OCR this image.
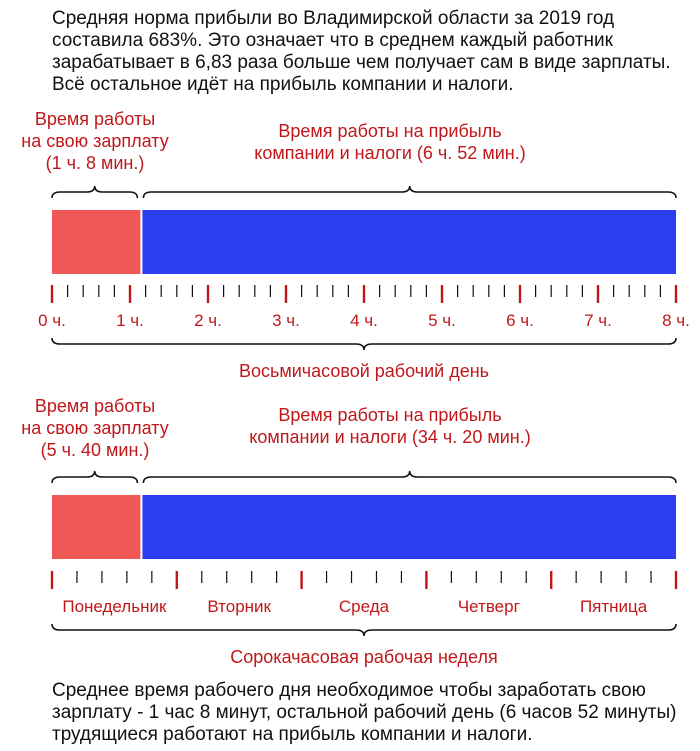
Средняя норма прибыли во Владимирской области за 2019 год составила 683%. Это означает что в среднем каждый работник зарабатывает в 6,83 раза больше чем получает сам в виде зарплаты. Всё остальное идёт на прибыль компании и налоги.
Время работы
на свою зарплату
(1 ч. 8 мин.)
Время работы на прибыль
компании и налоги (6 ч. 52 мин.)
Время работы
на свою зарплату
(5 ч. 40 мин.)
Время работы на прибыль
компании и налоги (34 ч. 20 мин.)
0 ч.	1 ч.	2 ч.	3 ч.	4 ч.	5 ч.	6 ч.	7 ч.	8 ч.
Восьмичасовой рабочий день
Понедельник Вторник	Среда	Четверг	Пятница
Сорокачасовая рабочая неделя
Среднее время рабочего дня необходимое чтобы заработать свою зарплату - 1 час 8 минут, остальной рабочий день (6 часов 52 минуты) трудящиеся работают на прибыль компании и налоги.
